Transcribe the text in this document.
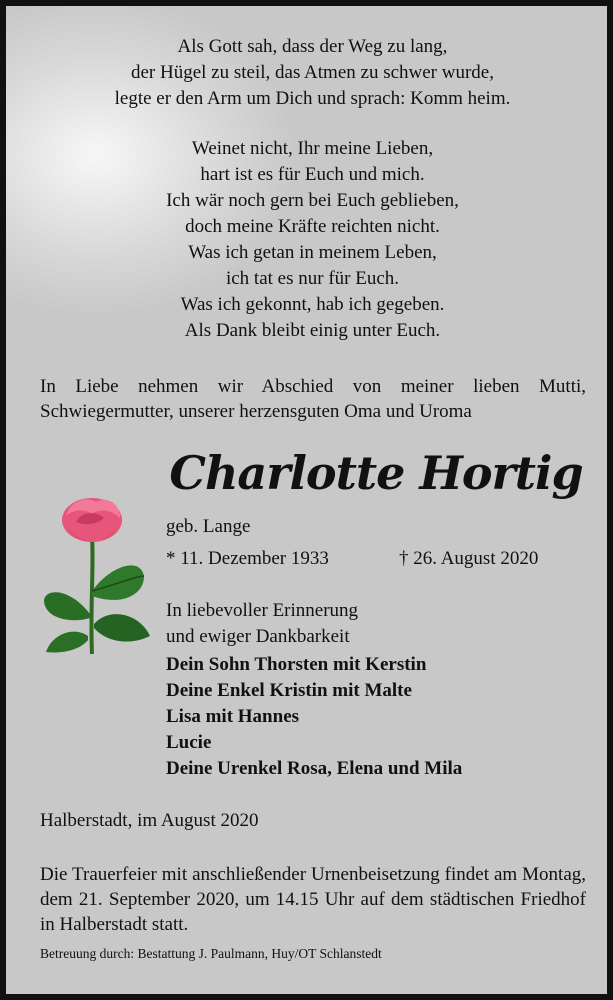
Als Gott sah, dass der Weg zu lang,
der Hügel zu steil, das Atmen zu schwer wurde,
legte er den Arm um Dich und sprach: Komm heim.
Weinet nicht, Ihr meine Lieben,
hart ist es für Euch und mich.
Ich wär noch gern bei Euch geblieben,
doch meine Kräfte reichten nicht.
Was ich getan in meinem Leben,
ich tat es nur für Euch.
Was ich gekonnt, hab ich gegeben.
Als Dank bleibt einig unter Euch.
In Liebe nehmen wir Abschied von meiner lieben Mutti, Schwiegermutter, unserer herzensguten Oma und Uroma
Charlotte Hortig
geb. Lange
* 11. Dezember 1933	† 26. August 2020
In liebevoller Erinnerung
und ewiger Dankbarkeit
Dein Sohn Thorsten mit Kerstin
Deine Enkel Kristin mit Malte
Lisa mit Hannes
Lucie
Deine Urenkel Rosa, Elena und Mila
Halberstadt, im August 2020
Die Trauerfeier mit anschließender Urnenbeisetzung findet am Montag, dem 21. September 2020, um 14.15 Uhr auf dem städtischen Friedhof in Halberstadt statt.
Betreuung durch: Bestattung J. Paulmann, Huy/OT Schlanstedt
